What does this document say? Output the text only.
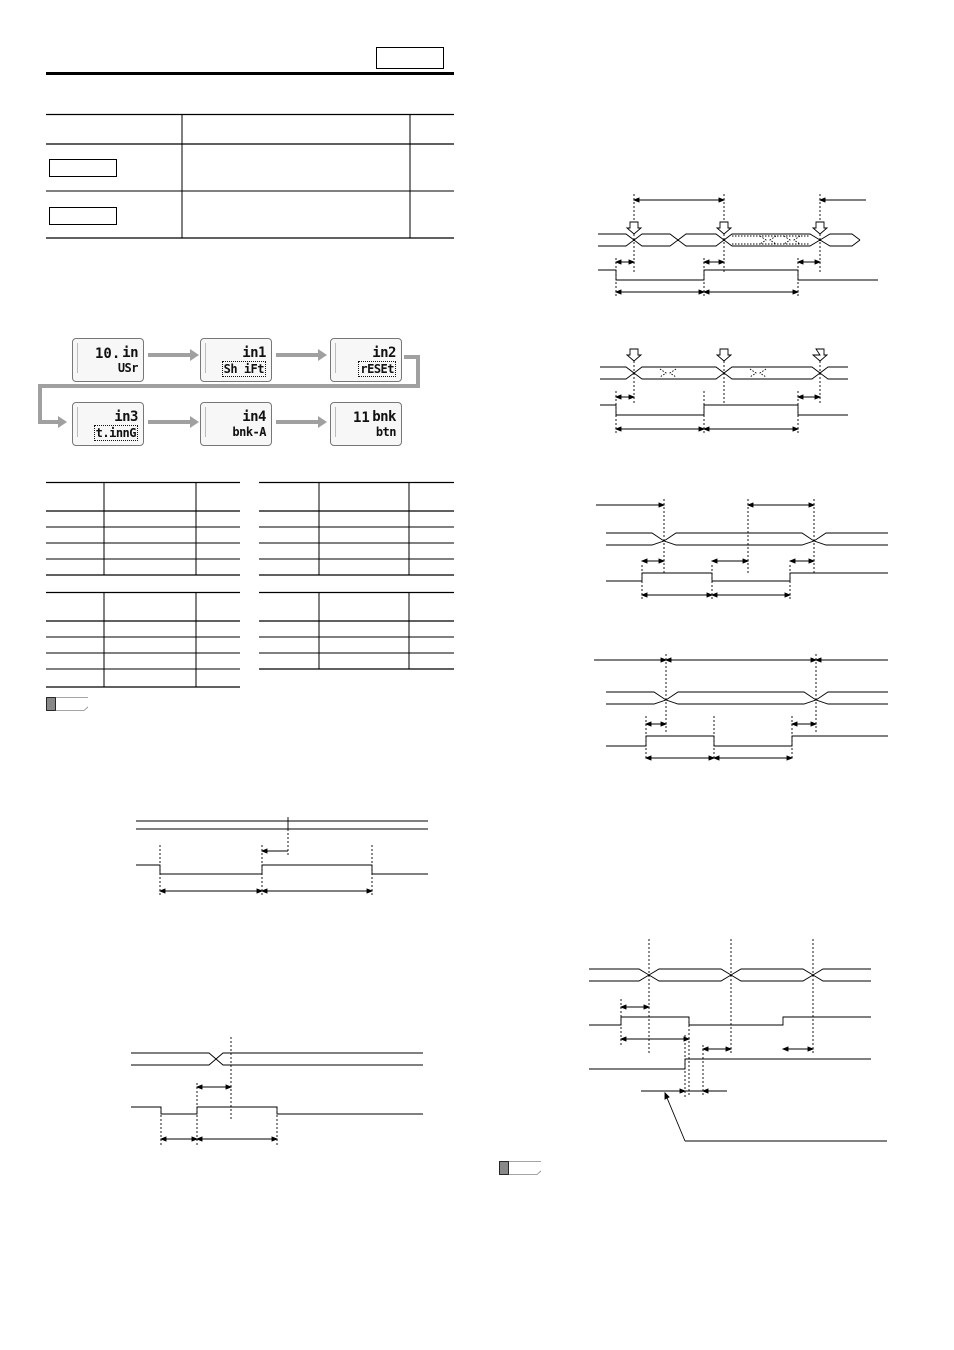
10. in
USr
in1
Sh iFt
in2
rESEt
in3
t.innG
in4
bnk-A
11 bnk
btn
